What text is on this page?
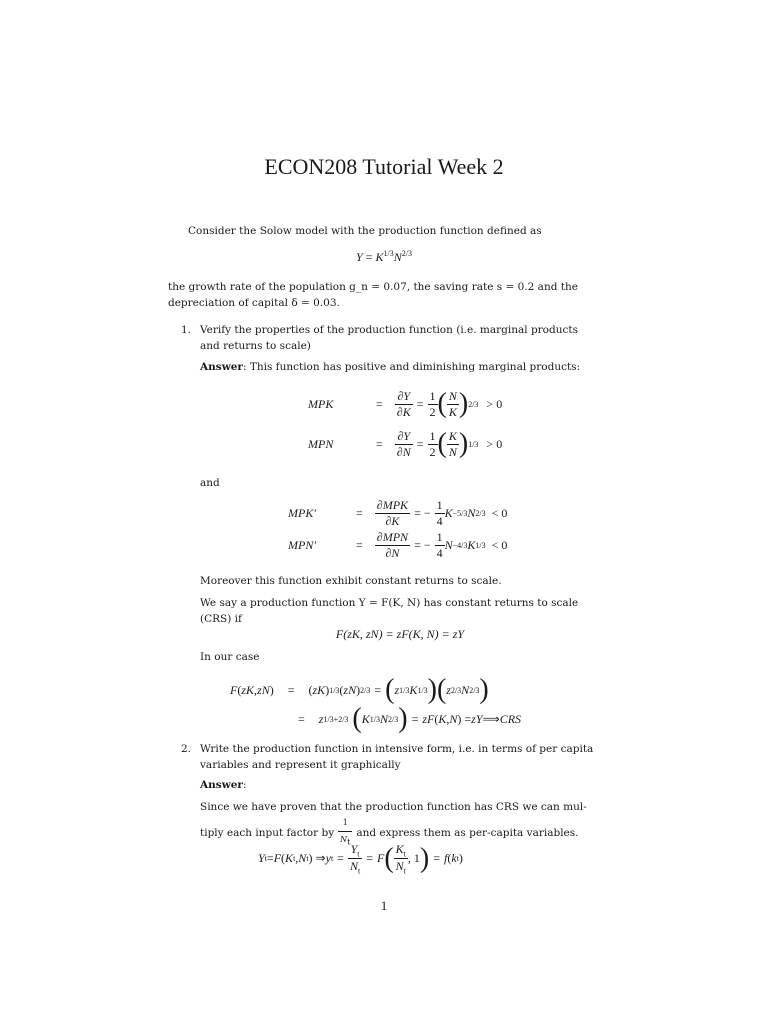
ECON208 Tutorial Week 2
Consider the Solow model with the production function defined as
$Y = K^{1/3}N^{2/3}$
the growth rate of the population g_n = 0.07, the saving rate s = 0.2 and the
depreciation of capital δ = 0.03.
1. Verify the properties of the production function (i.e. marginal products
and returns to scale)
Answer: This function has positive and diminishing marginal products:
MPK	= $\frac{\partial Y}{\partial K} = \frac{1}{2}$ ( $\frac{N}{K}$ ) 2/3 > 0
MPN	= $\frac{\partial Y}{\partial N} = \frac{1}{2}$ ( $\frac{K}{N}$ ) 1/3 > 0
and
MPK'	= $\frac{\text{∂MPK}}{\partial K}$ = − $\frac{1}{4}$ K −5/3 N 2/3 < 0
MPN'	= $\frac{\text{∂MPN}}{\partial N}$ = − $\frac{1}{4}$ N −4/3 K 1/3 < 0
Moreover this function exhibit constant returns to scale.
We say a production function Y = F(K, N) has constant returns to scale
(CRS) if
F(zK, zN) = zF(K, N) = zY
In our case
F ( zK , zN ) = ( zK ) 1/3 ( zN ) 2/3 = ( z 1/3 K 1/3 ) ( z 2/3 N 2/3 )
= z 1/3+2/3 ( K 1/3 N 2/3 ) = zF ( K , N ) = zY ⟹ CRS
2. Write the production function in intensive form, i.e. in terms of per capita
variables and represent it graphically
Answer:
Since we have proven that the production function has CRS we can mul-
tiply each input factor by $\frac{1}{N_t}$ and express them as per-capita variables.
Y t = F ( K t , N t ) ⇒ y $t = \frac{Y_t}{N_t} = F$ ( $\frac{K_t}{N_t}$ , 1 ) = f ( k t )
1
